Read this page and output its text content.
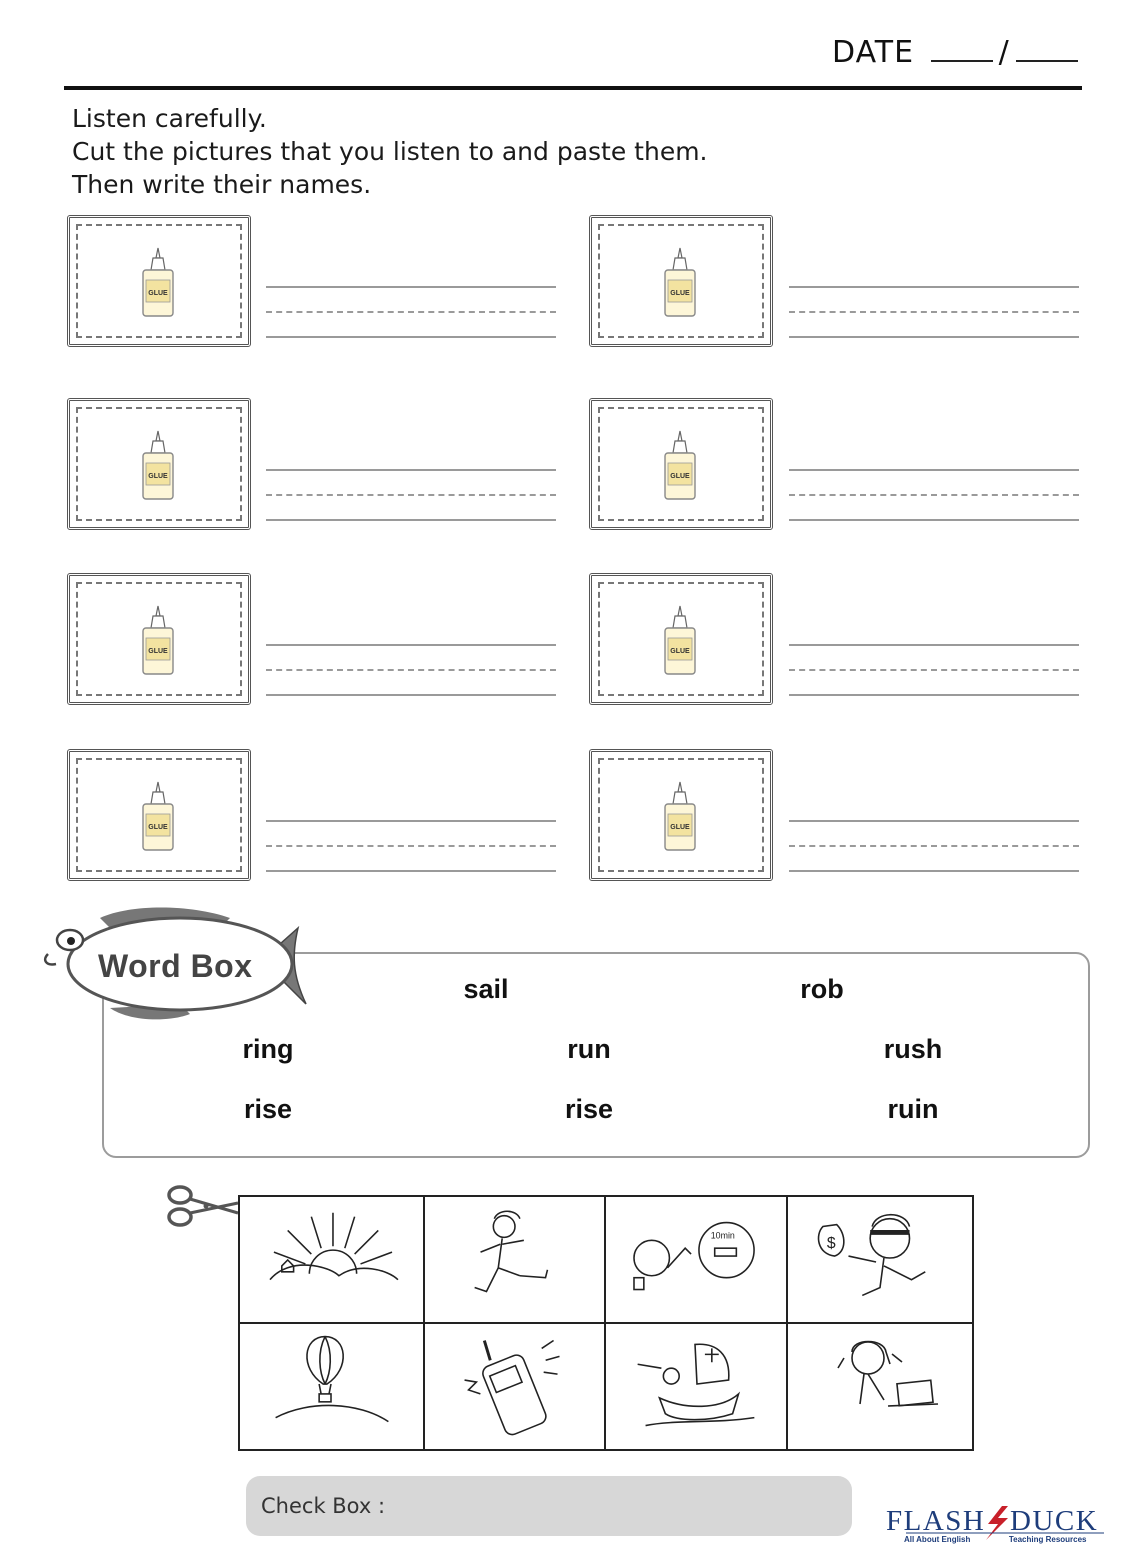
DATE	/
Listen carefully.
Cut the pictures that you listen to and paste them.
Then write their names.
GLUE	GLUE
GLUE	GLUE
GLUE	GLUE
GLUE	GLUE
Word Box
sail	rob
ring	run	rush
rise	rise	ruin
10min	$
Check Box :	FLASH DUCK
All About English	Teaching Resources
